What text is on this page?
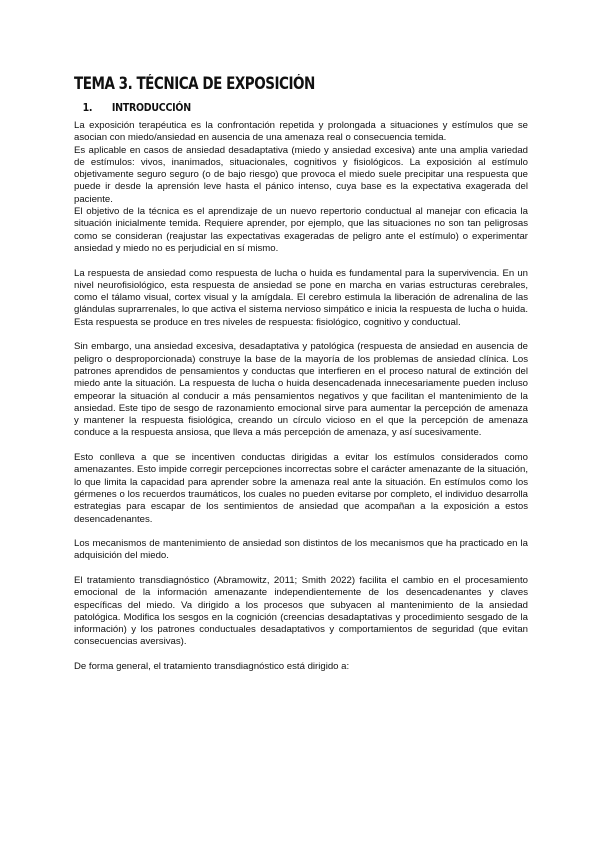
TEMA 3. TÉCNICA DE EXPOSICIÓN
1. INTRODUCCIÓN

La exposición terapéutica es la confrontación repetida y prolongada a situaciones y estímulos que se asocian con miedo/ansiedad en ausencia de una amenaza real o consecuencia temida.

Es aplicable en casos de ansiedad desadaptativa (miedo y ansiedad excesiva) ante una amplia variedad de estímulos: vivos, inanimados, situacionales, cognitivos y fisiológicos. La exposición al estímulo objetivamente seguro seguro (o de bajo riesgo) que provoca el miedo suele precipitar una respuesta que puede ir desde la aprensión leve hasta el pánico intenso, cuya base es la expectativa exagerada del paciente.

El objetivo de la técnica es el aprendizaje de un nuevo repertorio conductual al manejar con eficacia la situación inicialmente temida. Requiere aprender, por ejemplo, que las situaciones no son tan peligrosas como se consideran (reajustar las expectativas exageradas de peligro ante el estímulo) o experimentar ansiedad y miedo no es perjudicial en sí mismo.

La respuesta de ansiedad como respuesta de lucha o huida es fundamental para la supervivencia. En un nivel neurofisiológico, esta respuesta de ansiedad se pone en marcha en varias estructuras cerebrales, como el tálamo visual, cortex visual y la amígdala. El cerebro estimula la liberación de adrenalina de las glándulas suprarrenales, lo que activa el sistema nervioso simpático e inicia la respuesta de lucha o huida. Esta respuesta se produce en tres niveles de respuesta: fisiológico, cognitivo y conductual.

Sin embargo, una ansiedad excesiva, desadaptativa y patológica (respuesta de ansiedad en ausencia de peligro o desproporcionada) construye la base de la mayoría de los problemas de ansiedad clínica. Los patrones aprendidos de pensamientos y conductas que interfieren en el proceso natural de extinción del miedo ante la situación. La respuesta de lucha o huida desencadenada innecesariamente pueden incluso empeorar la situación al conducir a más pensamientos negativos y que facilitan el mantenimiento de la ansiedad. Este tipo de sesgo de razonamiento emocional sirve para aumentar la percepción de amenaza y mantener la respuesta fisiológica, creando un círculo vicioso en el que la percepción de amenaza conduce a la respuesta ansiosa, que lleva a más percepción de amenaza, y así sucesivamente.

Esto conlleva a que se incentiven conductas dirigidas a evitar los estímulos considerados como amenazantes. Esto impide corregir percepciones incorrectas sobre el carácter amenazante de la situación, lo que limita la capacidad para aprender sobre la amenaza real ante la situación. En estímulos como los gérmenes o los recuerdos traumáticos, los cuales no pueden evitarse por completo, el individuo desarrolla estrategias para escapar de los sentimientos de ansiedad que acompañan a la exposición a estos desencadenantes.

Los mecanismos de mantenimiento de ansiedad son distintos de los mecanismos que ha practicado en la adquisición del miedo.

El tratamiento transdiagnóstico (Abramowitz, 2011; Smith 2022) facilita el cambio en el procesamiento emocional de la información amenazante independientemente de los desencadenantes y claves específicas del miedo. Va dirigido a los procesos que subyacen al mantenimiento de la ansiedad patológica. Modifica los sesgos en la cognición (creencias desadaptativas y procedimiento sesgado de la información) y los patrones conductuales desadaptativos y comportamientos de seguridad (que evitan consecuencias aversivas).

De forma general, el tratamiento transdiagnóstico está dirigido a:
